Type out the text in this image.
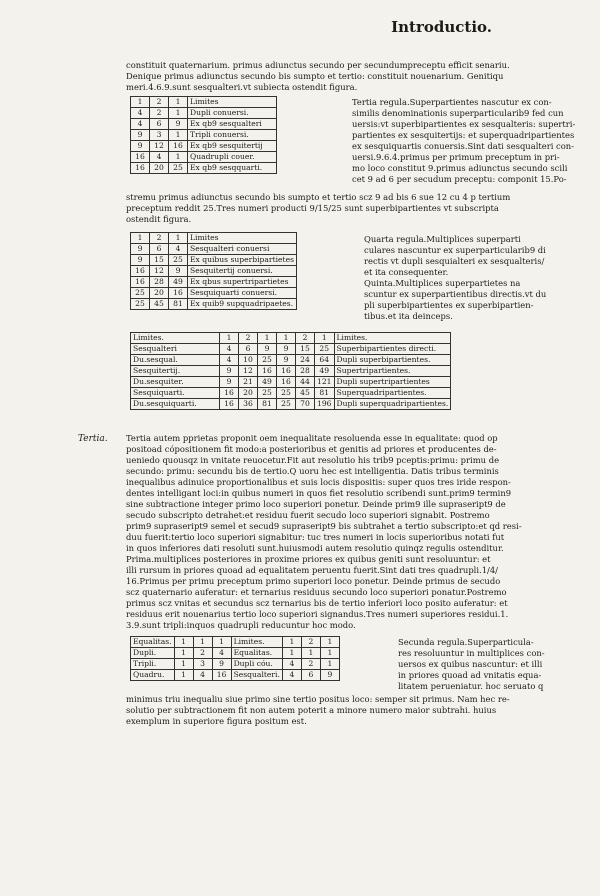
Introductio.
Tertia.
constituit quaternarium. primus adiunctus secundo per secundumpreceptu efficit senariu.
Denique primus adiunctus secundo bis sumpto et tertio: constituit nouenarium. Genitiqu
meri.4.6.9.sunt sesqualteri.vt subiecta ostendit figura.
1	2	1	Limites
4	2	1	Dupli conuersi.
4	6	9	Ex qb9 sesqualteri
9	3	1	Tripli conuersi.
9	12	16	Ex qb9 sesquitertij
16	4	1	Quadrupli couer.
16	20	25	Ex qb9 sesqquarti.
Tertia regula.Superpartientes nascutur ex con-
similis denominationis superparticularib9 fed cun
uersis:vt superbipartientes ex sesqualteris: supertri-
partientes ex sesquitertijs: et superquadripartientes
ex sesquiquartis conuersis.Sint dati sesqualteri con-
uersi.9.6.4.primus per primum preceptum in pri-
mo loco constitut 9.primus adiunctus secundo scili
cet 9 ad 6 per secudum preceptu: componit 15.Po-
stremu primus adiunctus secundo bis sumpto et tertio scz 9 ad bis 6 sue 12 cu 4 p tertium
preceptum reddit 25.Tres numeri producti 9/15/25 sunt superbipartientes vt subscripta
ostendit figura.
1	2	1	Limites
9	6	4	Sesqualteri conuersi
9	15	25	Ex quibus superbipartietes
16	12	9	Sesquitertij conuersi.
16	28	49	Ex qbus supertripartietes
25	20	16	Sesquiquarti conuersi.
25	45	81	Ex quib9 supquadripaetes.
Quarta regula.Multiplices superparti
culares nascuntur ex superparticularib9 di
rectis vt dupli sesquialteri ex sesqualteris/
et ita consequenter.
Quinta.Multiplices superpartietes na
scuntur ex superpartientibus directis.vt du
pli superbipartientes ex superbipartien-
tibus.et ita deinceps.
Limites.	1	2	1	1	2	1	Limites.
Sesqualteri	4	6	9	9	15	25	Superbipartientes directi.
Du.sesqual.	4	10	25	9	24	64	Dupli superbipartientes.
Sesquitertij.	9	12	16	16	28	49	Supertripartientes.
Du.sesquiter.	9	21	49	16	44	121	Dupli supertripartientes
Sesquiquarti.	16	20	25	25	45	81	Superquadripartientes.
Du.sesquiquarti.	16	36	81	25	70	196	Dupli superquadripartientes.
Tertia autem pprietas proponit oem inequalitate resoluenda esse in equalitate: quod op
positoad cópositionem fit modo:a posterioribus et genitis ad priores et producentes de-
ueniedo quousqz in vnitate reuocetur.Fit aut resolutio his trib9 pceptis:primu: primu de
secundo: primu: secundu bis de tertio.Q uoru hec est intelligentia. Datis tribus terminis
inequalibus adinuice proportionalibus et suis locis dispositis: super quos tres iride respon-
dentes intelligant loci:in quibus numeri in quos fiet resolutio scribendi sunt.prim9 termin9
sine subtractione integer primo loco superiori ponetur. Deinde prim9 ille supraseript9 de
secudo subscripto detrahet:et residuu fuerit secudo loco superiori signabit. Postremo
prim9 supraseript9 semel et secud9 supraseript9 bis subtrahet a tertio subscripto:et qd resi-
duu fuerit:tertio loco superiori signabitur: tuc tres numeri in locis superioribus notati fut
in quos inferiores dati resoluti sunt.huiusmodi autem resolutio quinqz regulis ostenditur.
Prima.multiplices posteriores in proxime priores ex quibus geniti sunt resoluuntur: et
illi rursum in priores quoad ad equalitatem peruentu fuerit.Sint dati tres quadrupli.1/4/
16.Primus per primu preceptum primo superiori loco ponetur. Deinde primus de secudo
scz quaternario auferatur: et ternarius residuus secundo loco superiori ponatur.Postremo
primus scz vnitas et secundus scz ternarius bis de tertio inferiori loco posito auferatur: et
residuus erit nouenarius tertio loco superiori signandus.Tres numeri superiores residui.1.
3.9.sunt tripli:inquos quadrupli reducuntur hoc modo.
Equalitas.	1	1	1	Limites.	1	2	1
Dupli.	1	2	4	Equalitas.	1	1	1
Tripli.	1	3	9	Dupli cóu.	4	2	1
Quadru.	1	4	16	Sesqualteri.	4	6	9
Secunda regula.Superparticula-
res resoluuntur in multiplices con-
uersos ex quibus nascuntur: et illi
in priores quoad ad vnitatis equa-
litatem perueniatur. hoc seruato q
minimus triu inequaliu siue primo sine tertio positus loco: semper sit primus. Nam hec re-
solutio per subtractionem fit non autem poterit a minore numero maior subtrahi. huius
exemplum in superiore figura positum est.
